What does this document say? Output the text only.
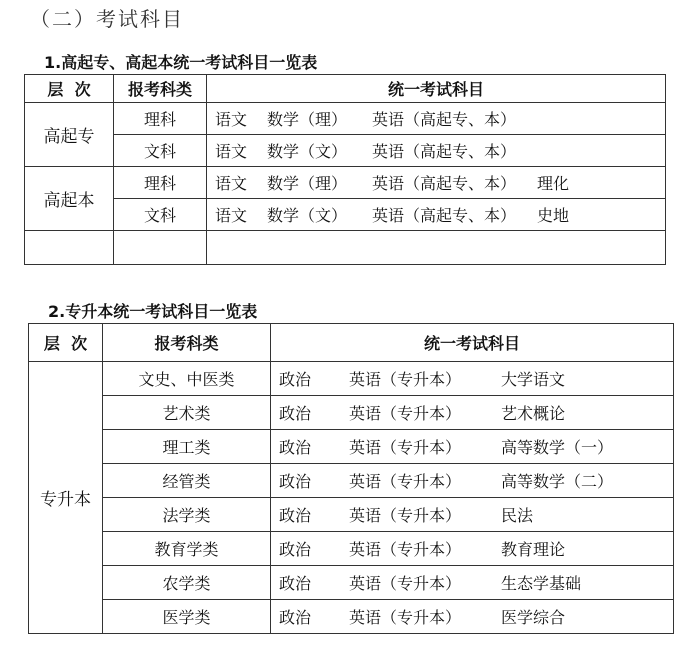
（二）考试科目
1.高起专、高起本统一考试科目一览表
层  次	报考科类	统一考试科目
高起专	理科	语文 数学（理） 英语（高起专、本）
	文科	语文 数学（文） 英语（高起专、本）
高起本	理科	语文 数学（理） 英语（高起专、本） 理化
	文科	语文 数学（文） 英语（高起专、本） 史地

2.专升本统一考试科目一览表
层  次	报考科类	统一考试科目
专升本	文史、中医类	政治 英语（专升本） 大学语文
	艺术类	政治 英语（专升本） 艺术概论
	理工类	政治 英语（专升本） 高等数学（一）
	经管类	政治 英语（专升本） 高等数学（二）
	法学类	政治 英语（专升本） 民法
	教育学类	政治 英语（专升本） 教育理论
	农学类	政治 英语（专升本） 生态学基础
	医学类	政治 英语（专升本） 医学综合
